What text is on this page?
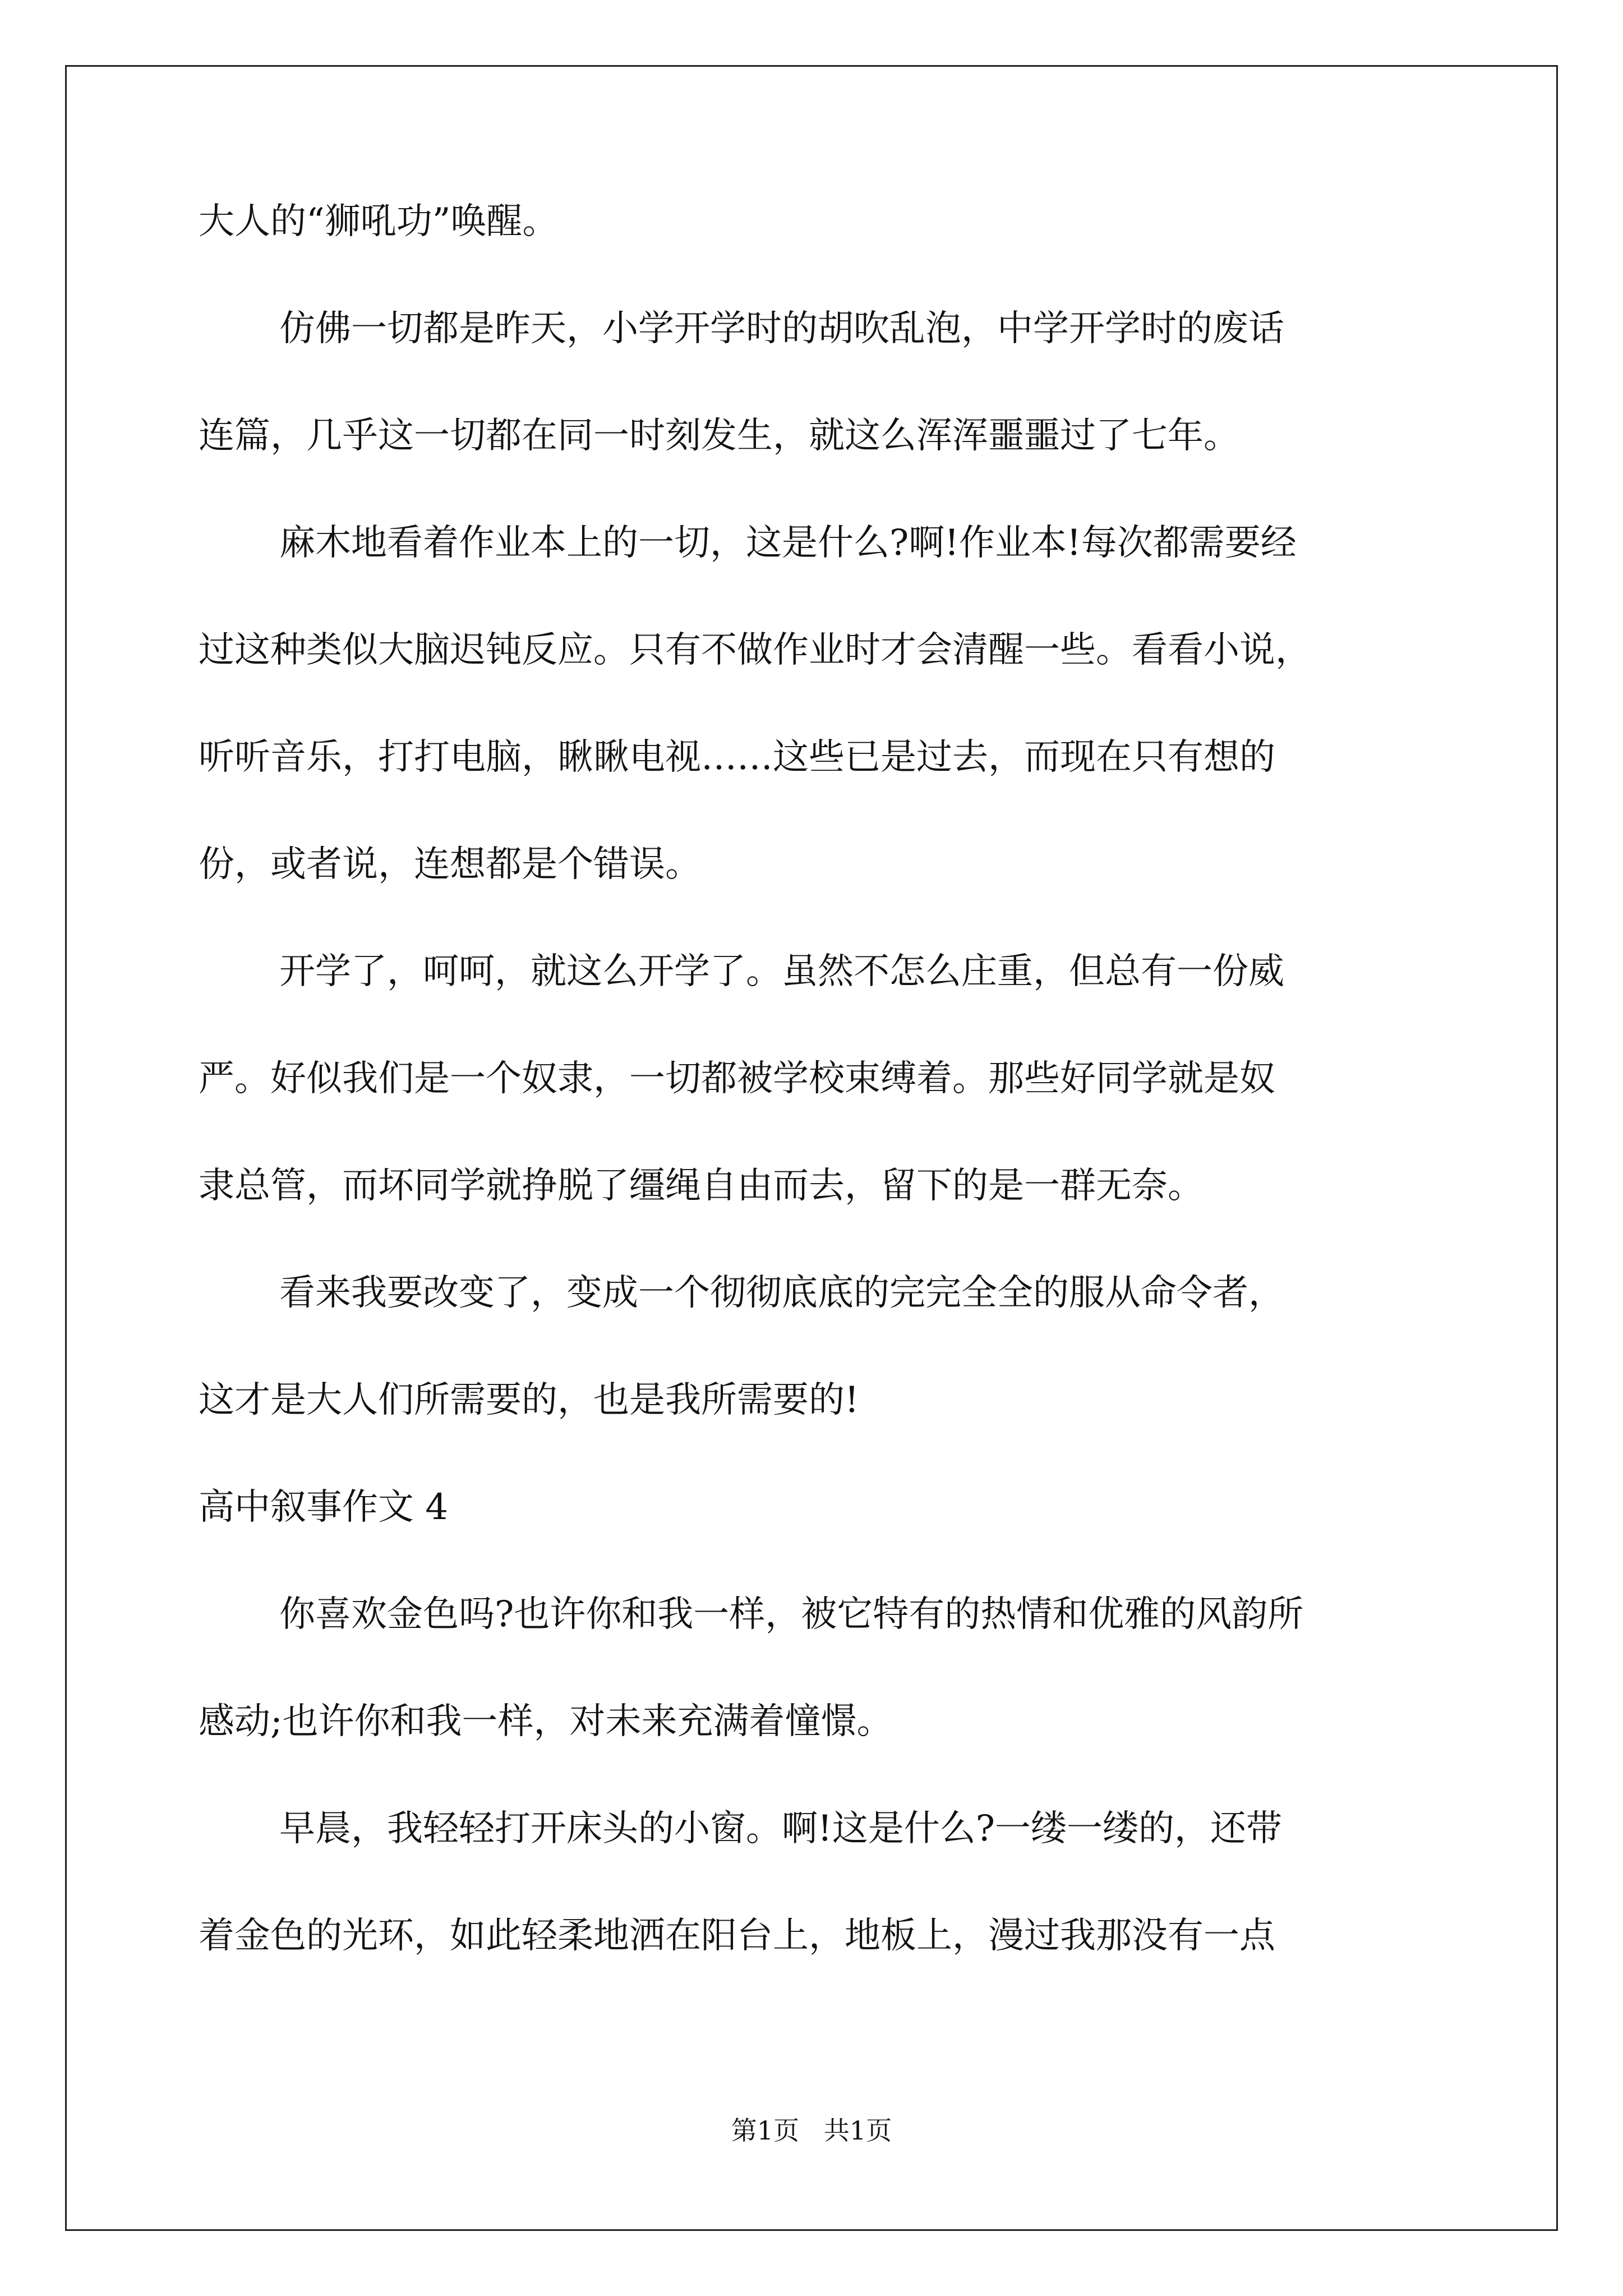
大人的“狮吼功”唤醒。
仿佛一切都是昨天，小学开学时的胡吹乱泡，中学开学时的废话
连篇，几乎这一切都在同一时刻发生，就这么浑浑噩噩过了七年。
麻木地看着作业本上的一切，这是什么?啊!作业本!每次都需要经
过这种类似大脑迟钝反应。只有不做作业时才会清醒一些。看看小说，
听听音乐，打打电脑，瞅瞅电视……这些已是过去，而现在只有想的
份，或者说，连想都是个错误。
开学了，呵呵，就这么开学了。虽然不怎么庄重，但总有一份威
严。好似我们是一个奴隶，一切都被学校束缚着。那些好同学就是奴
隶总管，而坏同学就挣脱了缰绳自由而去，留下的是一群无奈。
看来我要改变了，变成一个彻彻底底的完完全全的服从命令者，
这才是大人们所需要的，也是我所需要的!
高中叙事作文 4
你喜欢金色吗?也许你和我一样，被它特有的热情和优雅的风韵所
感动;也许你和我一样，对未来充满着憧憬。
早晨，我轻轻打开床头的小窗。啊!这是什么?一缕一缕的，还带
着金色的光环，如此轻柔地洒在阳台上，地板上，漫过我那没有一点
第1页   共1页
